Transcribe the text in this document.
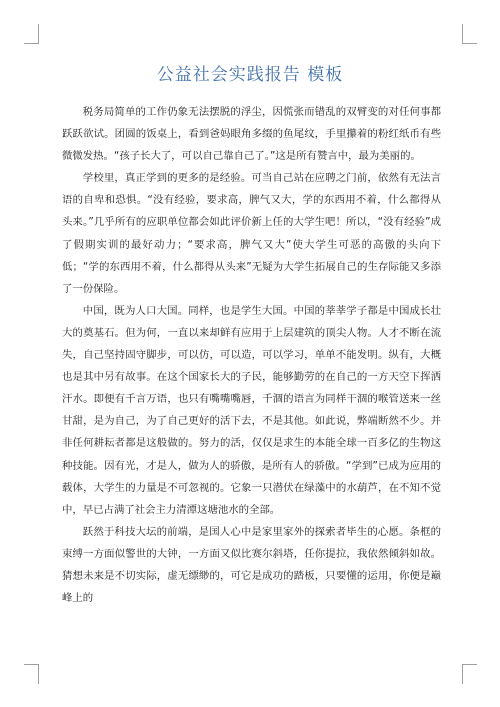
公益社会实践报告 模板

税务局简单的工作仍象无法摆脱的浮尘，因慌张而错乱的双臂变的对任何事都跃跃欲试。团圆的饭桌上，看到爸妈眼角多缀的鱼尾纹，手里攥着的粉红纸币有些微微发热。“孩子长大了，可以自己靠自己了。”这是所有赞言中，最为美丽的。

学校里，真正学到的更多的是经验。可当自己站在应聘之门前，依然有无法言语的自卑和恐惧。“没有经验，要求高，脾气又大，学的东西用不着，什么都得从头来。”几乎所有的应职单位都会如此评价新上任的大学生吧！所以，“没有经验”成了假期实训的最好动力；“要求高，脾气又大”使大学生可恶的高傲的头向下低；“学的东西用不着，什么都得从头来”无疑为大学生拓展自己的生存际能又多添了一份保险。

中国，既为人口大国。同样，也是学生大国。中国的莘莘学子都是中国成长壮大的奠基石。但为何，一直以来却鲜有应用于上层建筑的顶尖人物。人才不断在流失，自己坚持固守脚步，可以仿，可以造，可以学习，单单不能发明。纵有，大概也是其中另有故事。在这个国家长大的子民，能够勤劳的在自己的一方天空下挥洒汗水。即便有千言万语，也只有嘴嘴嘴唇，千涸的语言为同样干涸的喉管送来一丝甘甜，是为自己，为了自己更好的活下去，不是其他。如此说，弊端断然不少。并非任何耕耘者都是这般做的。努力的活，仅仅是求生的本能全球一百多亿的生物这种技能。因有光，才是人，做为人的骄傲，是所有人的骄傲。“学到”已成为应用的载体，大学生的力量是不可忽视的。它象一只潜伏在绿藻中的水葫芦，在不知不觉中，早已占满了社会主力清潭这塘池水的全部。

跃然于科技大坛的前端，是国人心中是家里家外的探索者毕生的心愿。条框的束缚一方面似警世的大钟，一方面又似比赛尔斜塔，任你提拉，我依然倾斜如故。猜想未来是不切实际，虚无缥缈的，可它是成功的踏板，只要懂的运用，你便是巅峰上的
